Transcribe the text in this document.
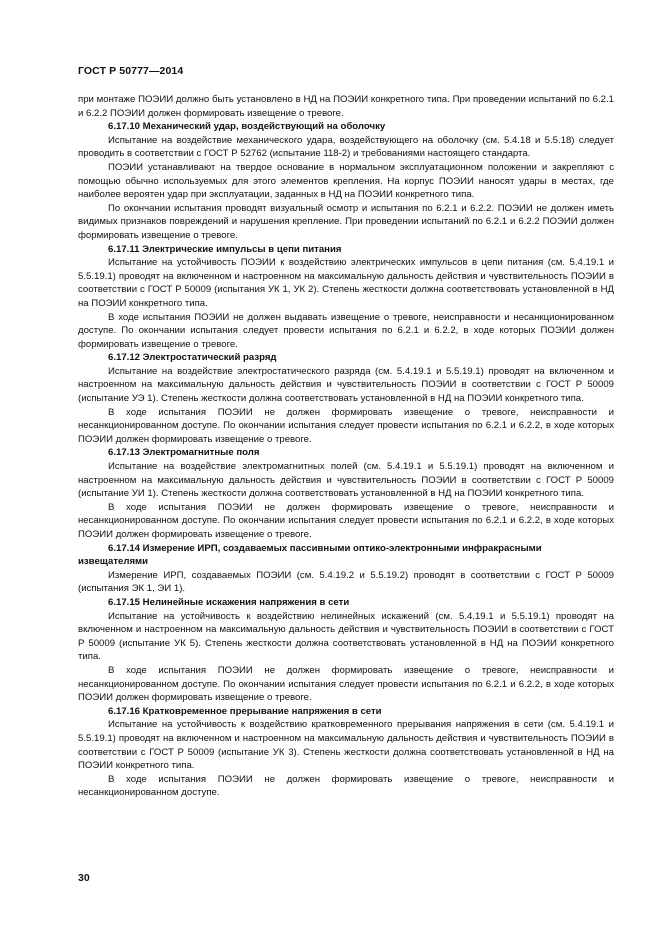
ГОСТ Р 50777—2014

при монтаже ПОЭИИ должно быть установлено в НД на ПОЭИИ конкретного типа. При проведении испытаний по 6.2.1 и 6.2.2 ПОЭИИ должен формировать извещение о тревоге.

6.17.10 Механический удар, воздействующий на оболочку

Испытание на воздействие механического удара, воздействующего на оболочку (см. 5.4.18 и 5.5.18) следует проводить в соответствии с ГОСТ Р 52762 (испытание 118-2) и требованиями настоящего стандарта.

ПОЭИИ устанавливают на твердое основание в нормальном эксплуатационном положении и закрепляют с помощью обычно используемых для этого элементов крепления. На корпус ПОЭИИ наносят удары в местах, где наиболее вероятен удар при эксплуатации, заданных в НД на ПОЭИИ конкретного типа.

По окончании испытания проводят визуальный осмотр и испытания по 6.2.1 и 6.2.2. ПОЭИИ не должен иметь видимых признаков повреждений и нарушения крепление. При проведении испытаний по 6.2.1 и 6.2.2 ПОЭИИ должен формировать извещение о тревоге.

6.17.11 Электрические импульсы в цепи питания

Испытание на устойчивость ПОЭИИ к воздействию электрических импульсов в цепи питания (см. 5.4.19.1 и 5.5.19.1) проводят на включенном и настроенном на максимальную дальность действия и чувствительность ПОЭИИ в соответствии с ГОСТ Р 50009 (испытания УК 1, УК 2). Степень жесткости должна соответствовать установленной в НД на ПОЭИИ конкретного типа.

В ходе испытания ПОЭИИ не должен выдавать извещение о тревоге, неисправности и несанкционированном доступе. По окончании испытания следует провести испытания по 6.2.1 и 6.2.2, в ходе которых ПОЭИИ должен формировать извещение о тревоге.

6.17.12 Электростатический разряд

Испытание на воздействие электростатического разряда (см. 5.4.19.1 и 5.5.19.1) проводят на включенном и настроенном на максимальную дальность действия и чувствительность ПОЭИИ в соответствии с ГОСТ Р 50009 (испытание УЭ 1). Степень жесткости должна соответствовать установленной в НД на ПОЭИИ конкретного типа.

В ходе испытания ПОЭИИ не должен формировать извещение о тревоге, неисправности и несанкционированном доступе. По окончании испытания следует провести испытания по 6.2.1 и 6.2.2, в ходе которых ПОЭИИ должен формировать извещение о тревоге.

6.17.13 Электромагнитные поля

Испытание на воздействие электромагнитных полей (см. 5.4.19.1 и 5.5.19.1) проводят на включенном и настроенном на максимальную дальность действия и чувствительность ПОЭИИ в соответствии с ГОСТ Р 50009 (испытание УИ 1). Степень жесткости должна соответствовать установленной в НД на ПОЭИИ конкретного типа.

В ходе испытания ПОЭИИ не должен формировать извещение о тревоге, неисправности и несанкционированном доступе. По окончании испытания следует провести испытания по 6.2.1 и 6.2.2, в ходе которых ПОЭИИ должен формировать извещение о тревоге.

6.17.14 Измерение ИРП, создаваемых пассивными оптико-электронными инфракрасными извещателями

Измерение ИРП, создаваемых ПОЭИИ (см. 5.4.19.2 и 5.5.19.2) проводят в соответствии с ГОСТ Р 50009 (испытания ЭК 1, ЭИ 1).

6.17.15 Нелинейные искажения напряжения в сети

Испытание на устойчивость к воздействию нелинейных искажений (см. 5.4.19.1 и 5.5.19.1) проводят на включенном и настроенном на максимальную дальность действия и чувствительность ПОЭИИ в соответствии с ГОСТ Р 50009 (испытание УК 5). Степень жесткости должна соответствовать установленной в НД на ПОЭИИ конкретного типа.

В ходе испытания ПОЭИИ не должен формировать извещение о тревоге, неисправности и несанкционированном доступе. По окончании испытания следует провести испытания по 6.2.1 и 6.2.2, в ходе которых ПОЭИИ должен формировать извещение о тревоге.

6.17.16 Кратковременное прерывание напряжения в сети

Испытание на устойчивость к воздействию кратковременного прерывания напряжения в сети (см. 5.4.19.1 и 5.5.19.1) проводят на включенном и настроенном на максимальную дальность действия и чувствительность ПОЭИИ в соответствии с ГОСТ Р 50009 (испытание УК 3). Степень жесткости должна соответствовать установленной в НД на ПОЭИИ конкретного типа.

В ходе испытания ПОЭИИ не должен формировать извещение о тревоге, неисправности и несанкционированном доступе.

30
